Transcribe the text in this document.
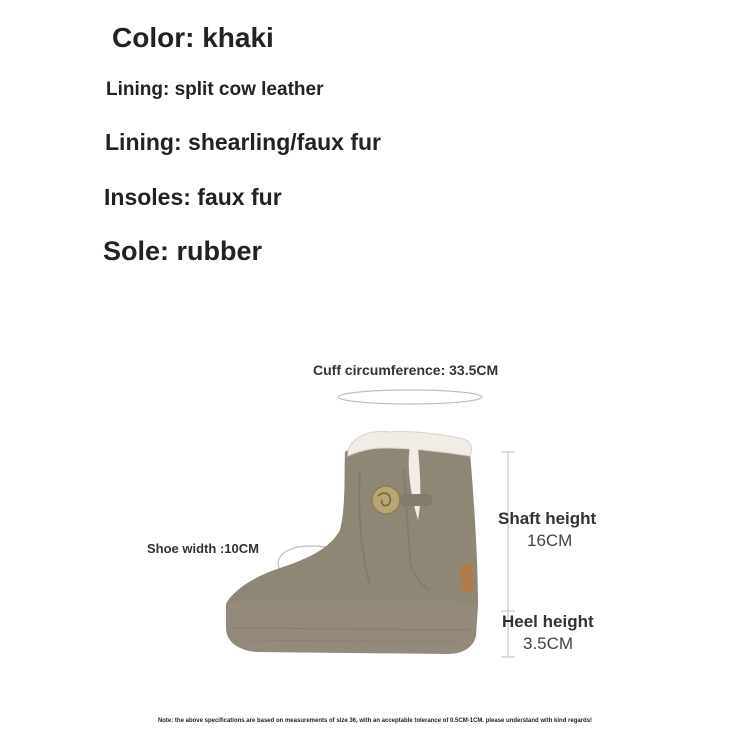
Color: khaki
Lining: split cow leather
Lining: shearling/faux fur
Insoles: faux fur
Sole: rubber
Cuff circumference: 33.5CM
Shaft height
16CM
Shoe width :10CM
Heel height
3.5CM
Note: the above specifications are based on measurements of size 36, with an acceptable tolerance of 0.5CM-1CM. please understand with kind regards!
